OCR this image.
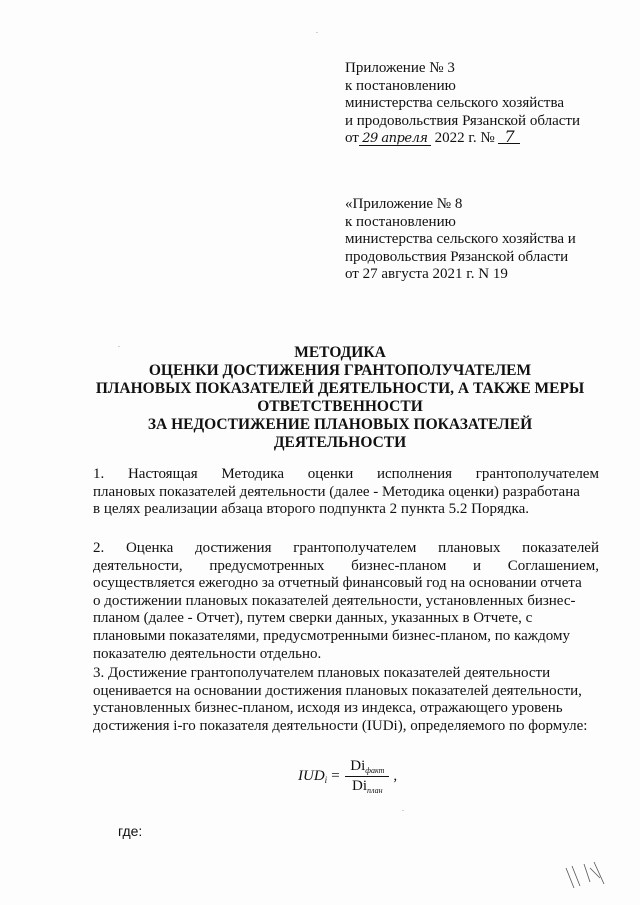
Приложение № 3
к постановлению
министерства сельского хозяйства
и продовольствия Рязанской области
от 29 апреля 2022 г. № 7
«Приложение № 8
к постановлению
министерства сельского хозяйства и
продовольствия Рязанской области
от 27 августа 2021 г. N 19
МЕТОДИКА
ОЦЕНКИ ДОСТИЖЕНИЯ ГРАНТОПОЛУЧАТЕЛЕМ
ПЛАНОВЫХ ПОКАЗАТЕЛЕЙ ДЕЯТЕЛЬНОСТИ, А ТАКЖЕ МЕРЫ
ОТВЕТСТВЕННОСТИ
ЗА НЕДОСТИЖЕНИЕ ПЛАНОВЫХ ПОКАЗАТЕЛЕЙ
ДЕЯТЕЛЬНОСТИ
1. Настоящая Методика оценки исполнения грантополучателем
плановых показателей деятельности (далее - Методика оценки) разработана
в целях реализации абзаца второго подпункта 2 пункта 5.2 Порядка.
2. Оценка достижения грантополучателем плановых показателей
деятельности, предусмотренных бизнес-планом и Соглашением,
осуществляется ежегодно за отчетный финансовый год на основании отчета
о достижении плановых показателей деятельности, установленных бизнес-
планом (далее - Отчет), путем сверки данных, указанных в Отчете, с
плановыми показателями, предусмотренными бизнес-планом, по каждому
показателю деятельности отдельно.
3. Достижение грантополучателем плановых показателей деятельности
оценивается на основании достижения плановых показателей деятельности,
установленных бизнес-планом, исходя из индекса, отражающего уровень
достижения i-го показателя деятельности (IUDi), определяемого по формуле:
$IUD_i = \frac{Di_{факт}}{Di_{план}}$ ,
где:
·
·
·
